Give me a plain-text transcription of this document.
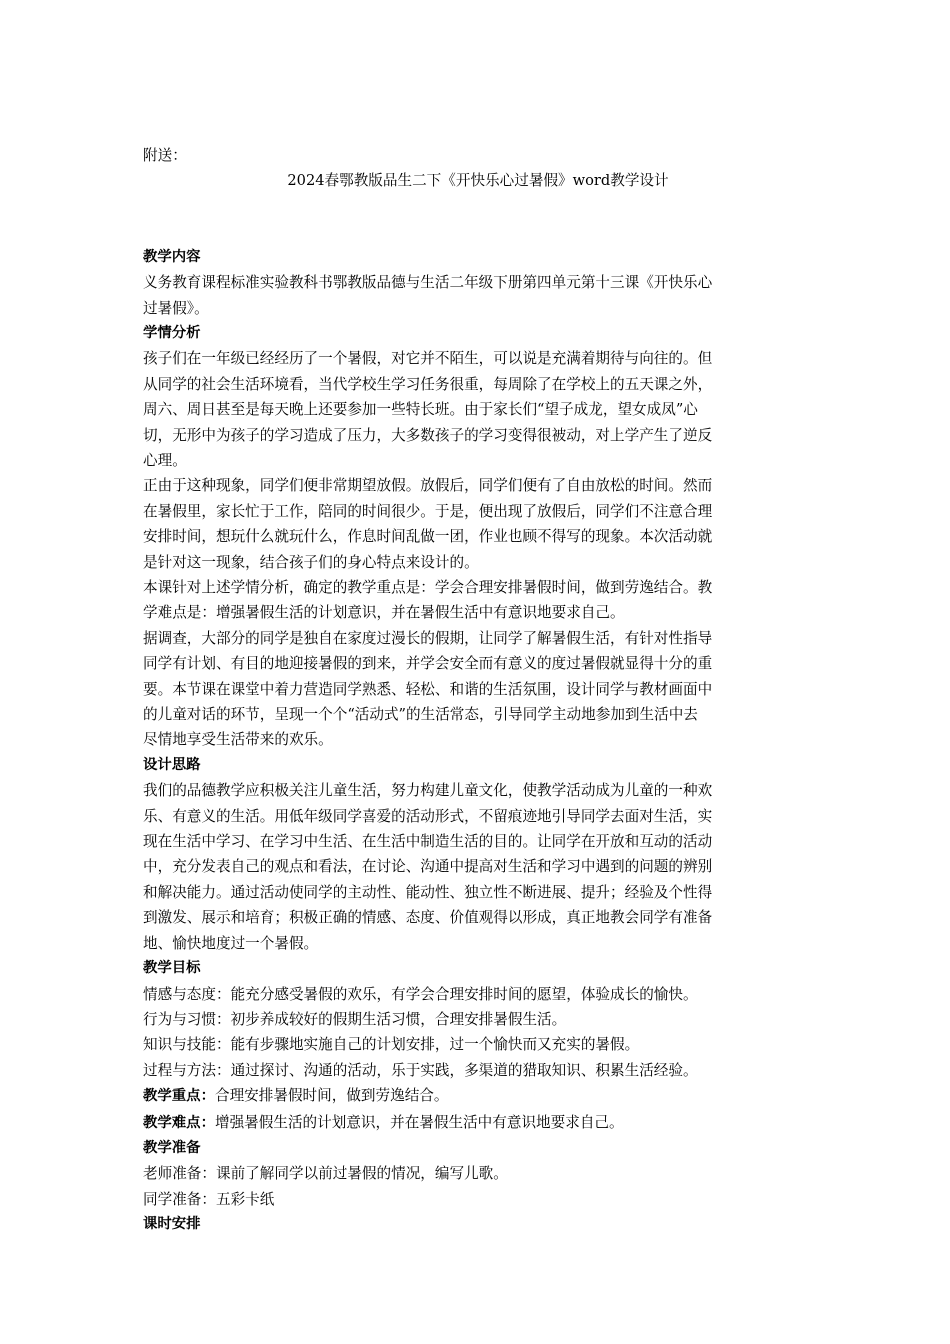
附送：

2024春鄂教版品生二下《开快乐心过暑假》word教学设计

教学内容

义务教育课程标准实验教科书鄂教版品德与生活二年级下册第四单元第十三课《开快乐心

过暑假》。

学情分析

孩子们在一年级已经经历了一个暑假，对它并不陌生，可以说是充满着期待与向往的。但

从同学的社会生活环境看，当代学校生学习任务很重，每周除了在学校上的五天课之外，

周六、周日甚至是每天晚上还要参加一些特长班。由于家长们“望子成龙，望女成凤”心

切，无形中为孩子的学习造成了压力，大多数孩子的学习变得很被动，对上学产生了逆反

心理。

正由于这种现象，同学们便非常期望放假。放假后，同学们便有了自由放松的时间。然而

在暑假里，家长忙于工作，陪同的时间很少。于是，便出现了放假后，同学们不注意合理

安排时间，想玩什么就玩什么，作息时间乱做一团，作业也顾不得写的现象。本次活动就

是针对这一现象，结合孩子们的身心特点来设计的。

本课针对上述学情分析，确定的教学重点是：学会合理安排暑假时间，做到劳逸结合。教

学难点是：增强暑假生活的计划意识，并在暑假生活中有意识地要求自己。

据调查，大部分的同学是独自在家度过漫长的假期，让同学了解暑假生活，有针对性指导

同学有计划、有目的地迎接暑假的到来，并学会安全而有意义的度过暑假就显得十分的重

要。本节课在课堂中着力营造同学熟悉、轻松、和谐的生活氛围，设计同学与教材画面中

的儿童对话的环节，呈现一个个“活动式”的生活常态，引导同学主动地参加到生活中去

尽情地享受生活带来的欢乐。

设计思路

我们的品德教学应积极关注儿童生活，努力构建儿童文化，使教学活动成为儿童的一种欢

乐、有意义的生活。用低年级同学喜爱的活动形式，不留痕迹地引导同学去面对生活，实

现在生活中学习、在学习中生活、在生活中制造生活的目的。让同学在开放和互动的活动

中，充分发表自己的观点和看法，在讨论、沟通中提高对生活和学习中遇到的问题的辨别

和解决能力。通过活动使同学的主动性、能动性、独立性不断进展、提升；经验及个性得

到激发、展示和培育；积极正确的情感、态度、价值观得以形成，真正地教会同学有准备

地、愉快地度过一个暑假。

教学目标

情感与态度：能充分感受暑假的欢乐，有学会合理安排时间的愿望，体验成长的愉快。

行为与习惯：初步养成较好的假期生活习惯，合理安排暑假生活。

知识与技能：能有步骤地实施自己的计划安排，过一个愉快而又充实的暑假。

过程与方法：通过探讨、沟通的活动，乐于实践，多渠道的猎取知识、积累生活经验。

教学重点：合理安排暑假时间，做到劳逸结合。

教学难点：增强暑假生活的计划意识，并在暑假生活中有意识地要求自己。

教学准备

老师准备：课前了解同学以前过暑假的情况，编写儿歌。

同学准备：五彩卡纸

课时安排
